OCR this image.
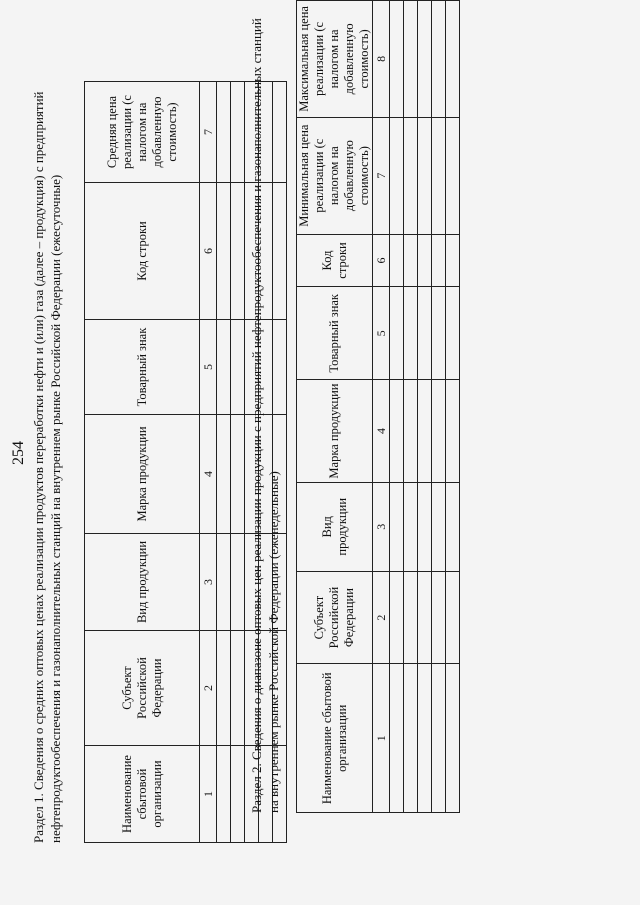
254 Раздел 1. Сведения о средних оптовых ценах реализации продуктов переработки нефти и (или) газа (далее – продукция) с предприятий нефтепродуктообеспечения и газонаполнительных станций на внутреннем рынке Российской Федерации (ежесуточные)	Наименование сбытовой организации	Субъект Российской Федерации	Вид продукции	Марка продукции	Товарный знак	Код строки	Средняя цена реализации (с налогом на добавленную стоимость)
1	2	3	4	5	6	7

							Раздел 2. Сведения о диапазоне оптовых цен реализации продукции с предприятий нефтепродуктообеспечения и газонаполнительных станций на внутреннем рынке Российской Федерации (еженедельные)	Наименование сбытовой организации	Субъект Российской Федерации	Вид продукции	Марка продукции	Товарный знак	Код строки	Минимальная цена реализации (с налогом на добавленную стоимость)	Максимальная цена реализации (с налогом на добавленную стоимость)
1	2	3	4	5	6	7	8
